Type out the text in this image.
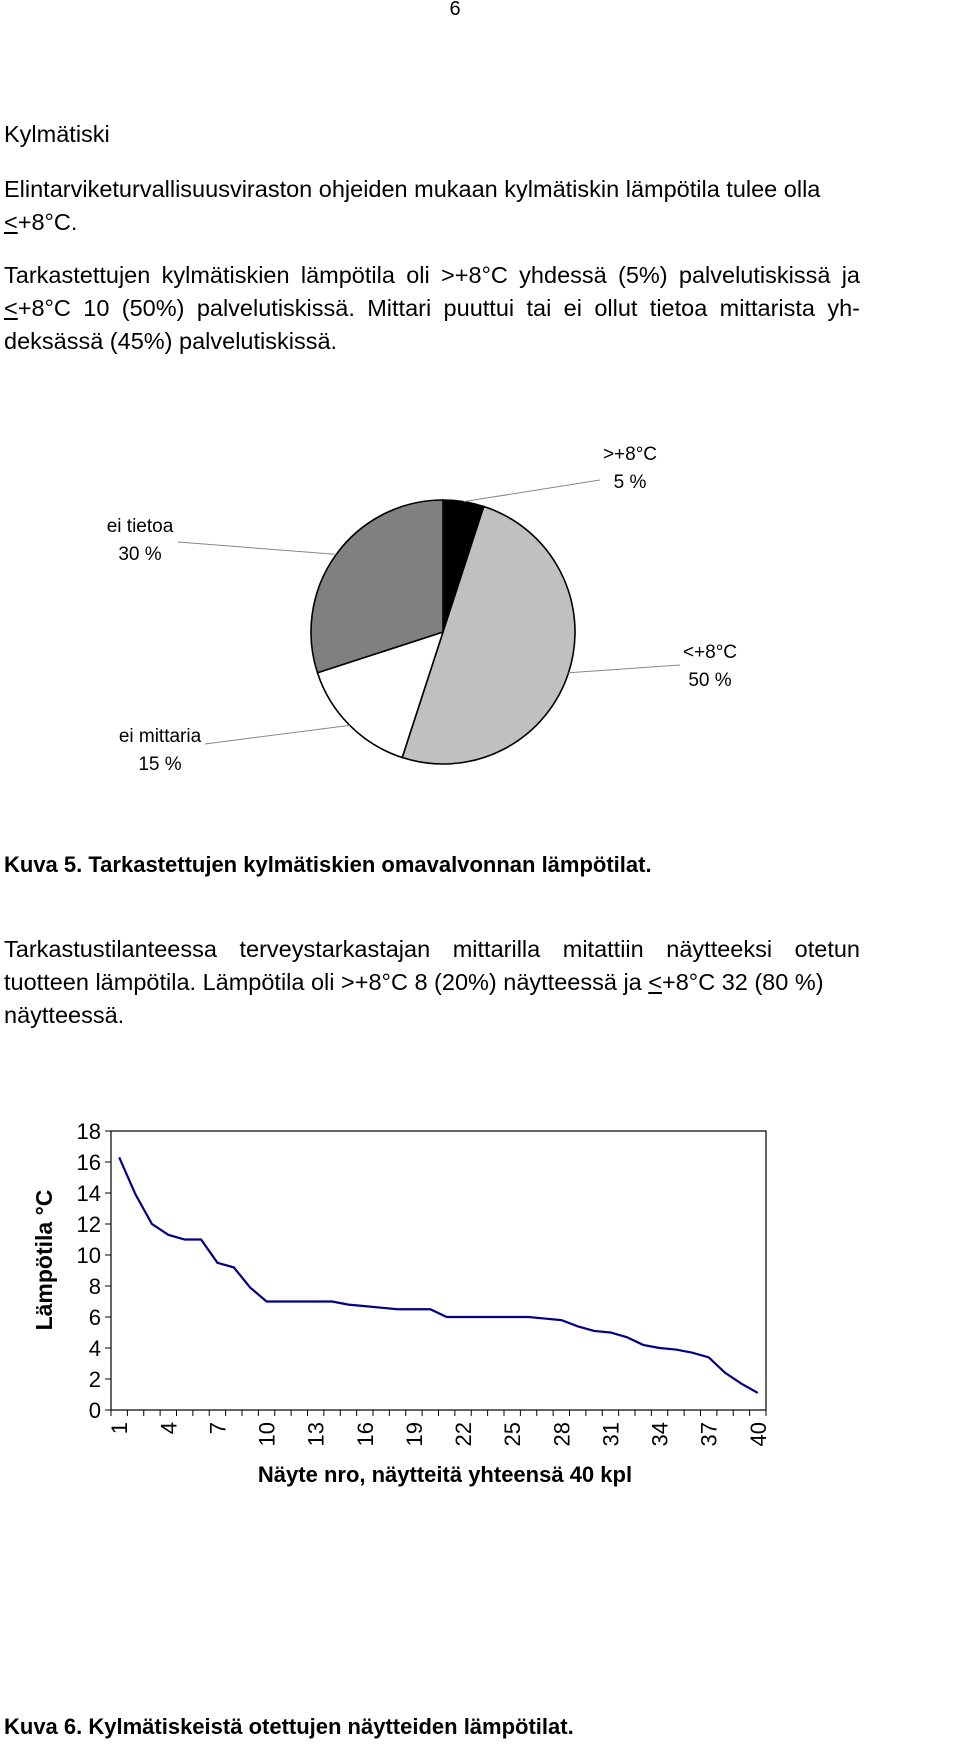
6
Kylmätiski
Elintarviketurvallisuusviraston ohjeiden mukaan kylmätiskin lämpötila tulee olla
≤+8°C.
Tarkastettujen kylmätiskien lämpötila oli >+8°C yhdessä (5%) palvelutiskissä ja
≤+8°C 10 (50%) palvelutiskissä. Mittari puuttui tai ei ollut tietoa mittarista yh-
deksässä (45%) palvelutiskissä.
>+8°C
5 %
<+8°C
50 %
ei mittaria
15 %
ei tietoa
30 %
Kuva 5. Tarkastettujen kylmätiskien omavalvonnan lämpötilat.
Tarkastustilanteessa terveystarkastajan mittarilla mitattiin näytteeksi otetun
tuotteen lämpötila. Lämpötila oli >+8°C 8 (20%) näytteessä ja ≤+8°C 32 (80 %)
näytteessä.
0
2
4
6
8
10
12
14
16
18
1 4 7 10 13 16 19 22 25 28 31 34 37 40
Lämpötila °C
Näyte nro, näytteitä yhteensä 40 kpl
Kuva 6. Kylmätiskeistä otettujen näytteiden lämpötilat.
